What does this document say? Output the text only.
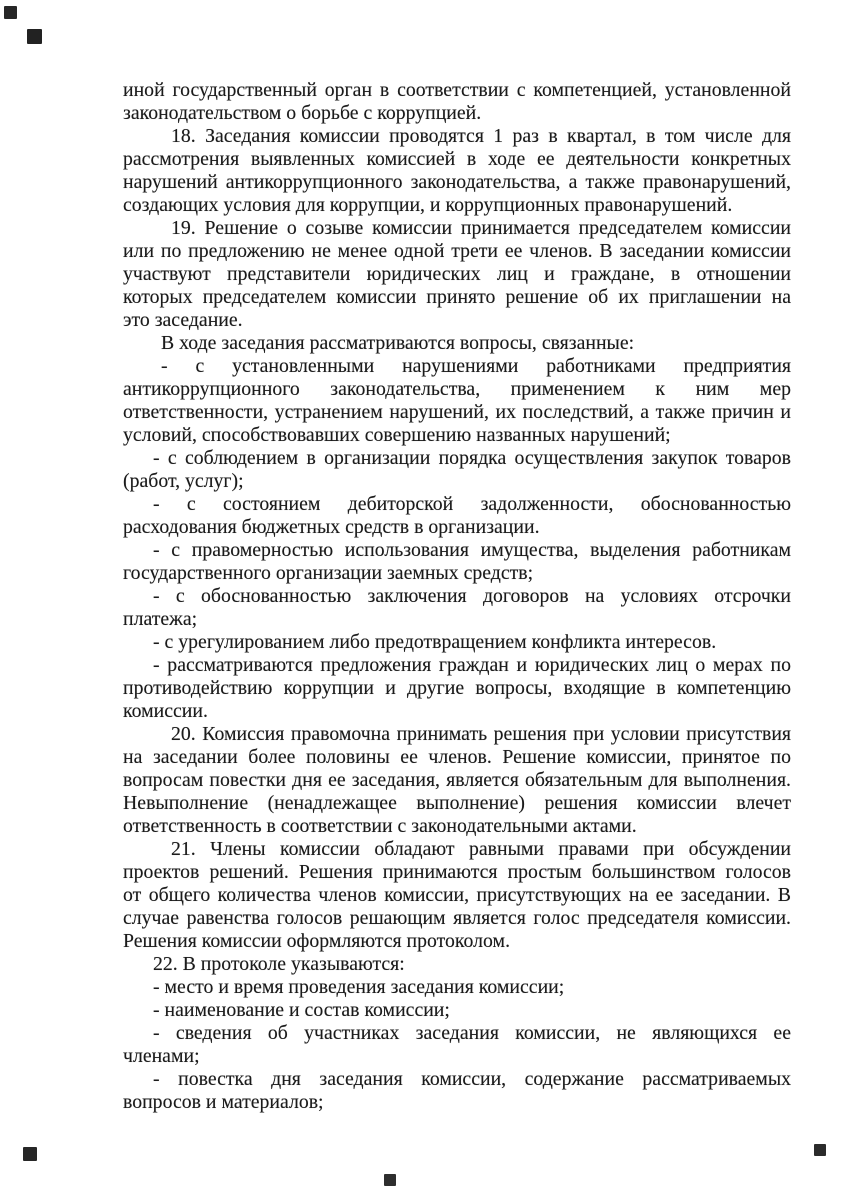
иной государственный орган в соответствии с компетенцией, установленной
законодательством о борьбе с коррупцией.
18. Заседания комиссии проводятся 1 раз в квартал, в том числе для
рассмотрения выявленных комиссией в ходе ее деятельности конкретных
нарушений антикоррупционного законодательства, а также правонарушений,
создающих условия для коррупции, и коррупционных правонарушений.
19. Решение о созыве комиссии принимается председателем комиссии
или по предложению не менее одной трети ее членов. В заседании комиссии
участвуют представители юридических лиц и граждане, в отношении
которых председателем комиссии принято решение об их приглашении на
это заседание.
В ходе заседания рассматриваются вопросы, связанные:
- с установленными нарушениями работниками предприятия
антикоррупционного законодательства, применением к ним мер
ответственности, устранением нарушений, их последствий, а также причин и
условий, способствовавших совершению названных нарушений;
- с соблюдением в организации порядка осуществления закупок товаров
(работ, услуг);
- с состоянием дебиторской задолженности, обоснованностью
расходования бюджетных средств в организации.
- с правомерностью использования имущества, выделения работникам
государственного организации заемных средств;
- с обоснованностью заключения договоров на условиях отсрочки
платежа;
- с урегулированием либо предотвращением конфликта интересов.
- рассматриваются предложения граждан и юридических лиц о мерах по
противодействию коррупции и другие вопросы, входящие в компетенцию
комиссии.
20. Комиссия правомочна принимать решения при условии присутствия
на заседании более половины ее членов. Решение комиссии, принятое по
вопросам повестки дня ее заседания, является обязательным для выполнения.
Невыполнение (ненадлежащее выполнение) решения комиссии влечет
ответственность в соответствии с законодательными актами.
21. Члены комиссии обладают равными правами при обсуждении
проектов решений. Решения принимаются простым большинством голосов
от общего количества членов комиссии, присутствующих на ее заседании. В
случае равенства голосов решающим является голос председателя комиссии.
Решения комиссии оформляются протоколом.
22. В протоколе указываются:
- место и время проведения заседания комиссии;
- наименование и состав комиссии;
- сведения об участниках заседания комиссии, не являющихся ее
членами;
- повестка дня заседания комиссии, содержание рассматриваемых
вопросов и материалов;
